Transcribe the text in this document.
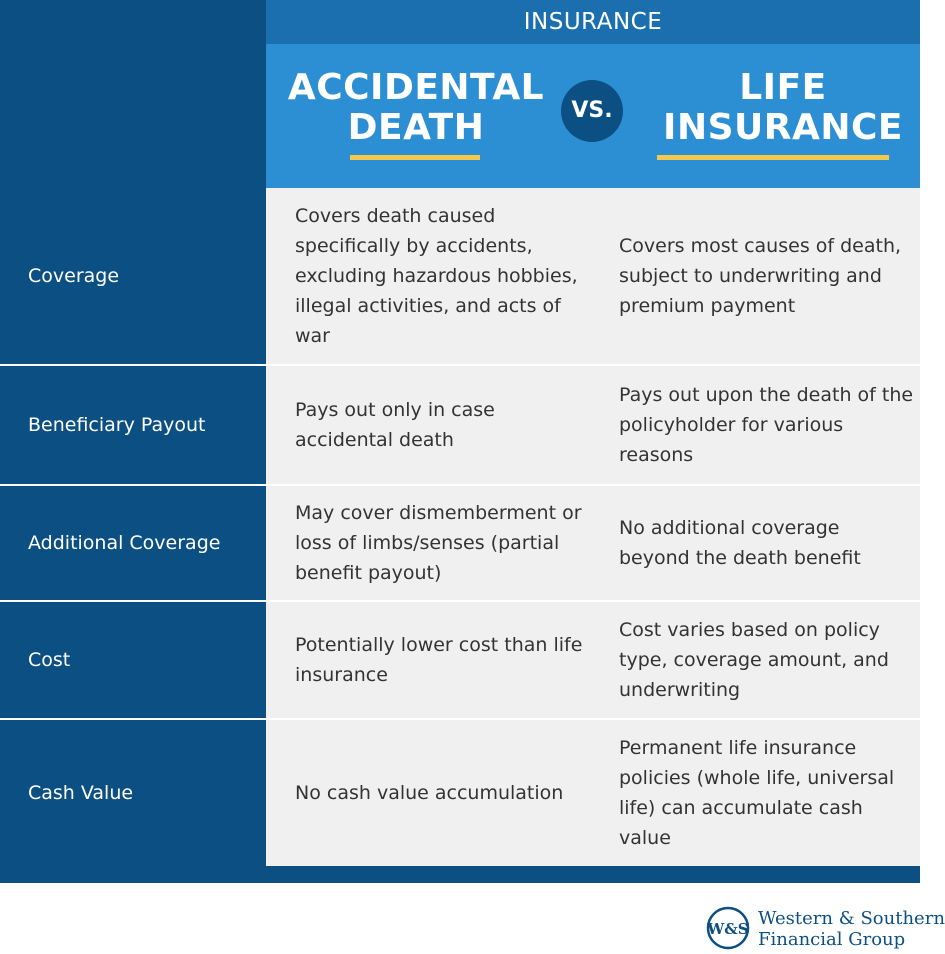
INSURANCE
ACCIDENTAL
DEATH	VS.
LIFE
INSURANCE
Coverage
Covers death caused specifically by accidents, excluding hazardous hobbies, illegal activities, and acts of war
Covers most causes of death, subject to underwriting and premium payment
Beneficiary Payout
Pays out only in case accidental death
Pays out upon the death of the policyholder for various reasons
Additional Coverage
May cover dismemberment or loss of limbs/senses (partial benefit payout)
No additional coverage beyond the death benefit
Cost
Potentially lower cost than life insurance
Cost varies based on policy type, coverage amount, and underwriting
Cash Value	No cash value accumulation
Permanent life insurance policies (whole life, universal life) can accumulate cash value
W&S Western & Southern
Financial Group
